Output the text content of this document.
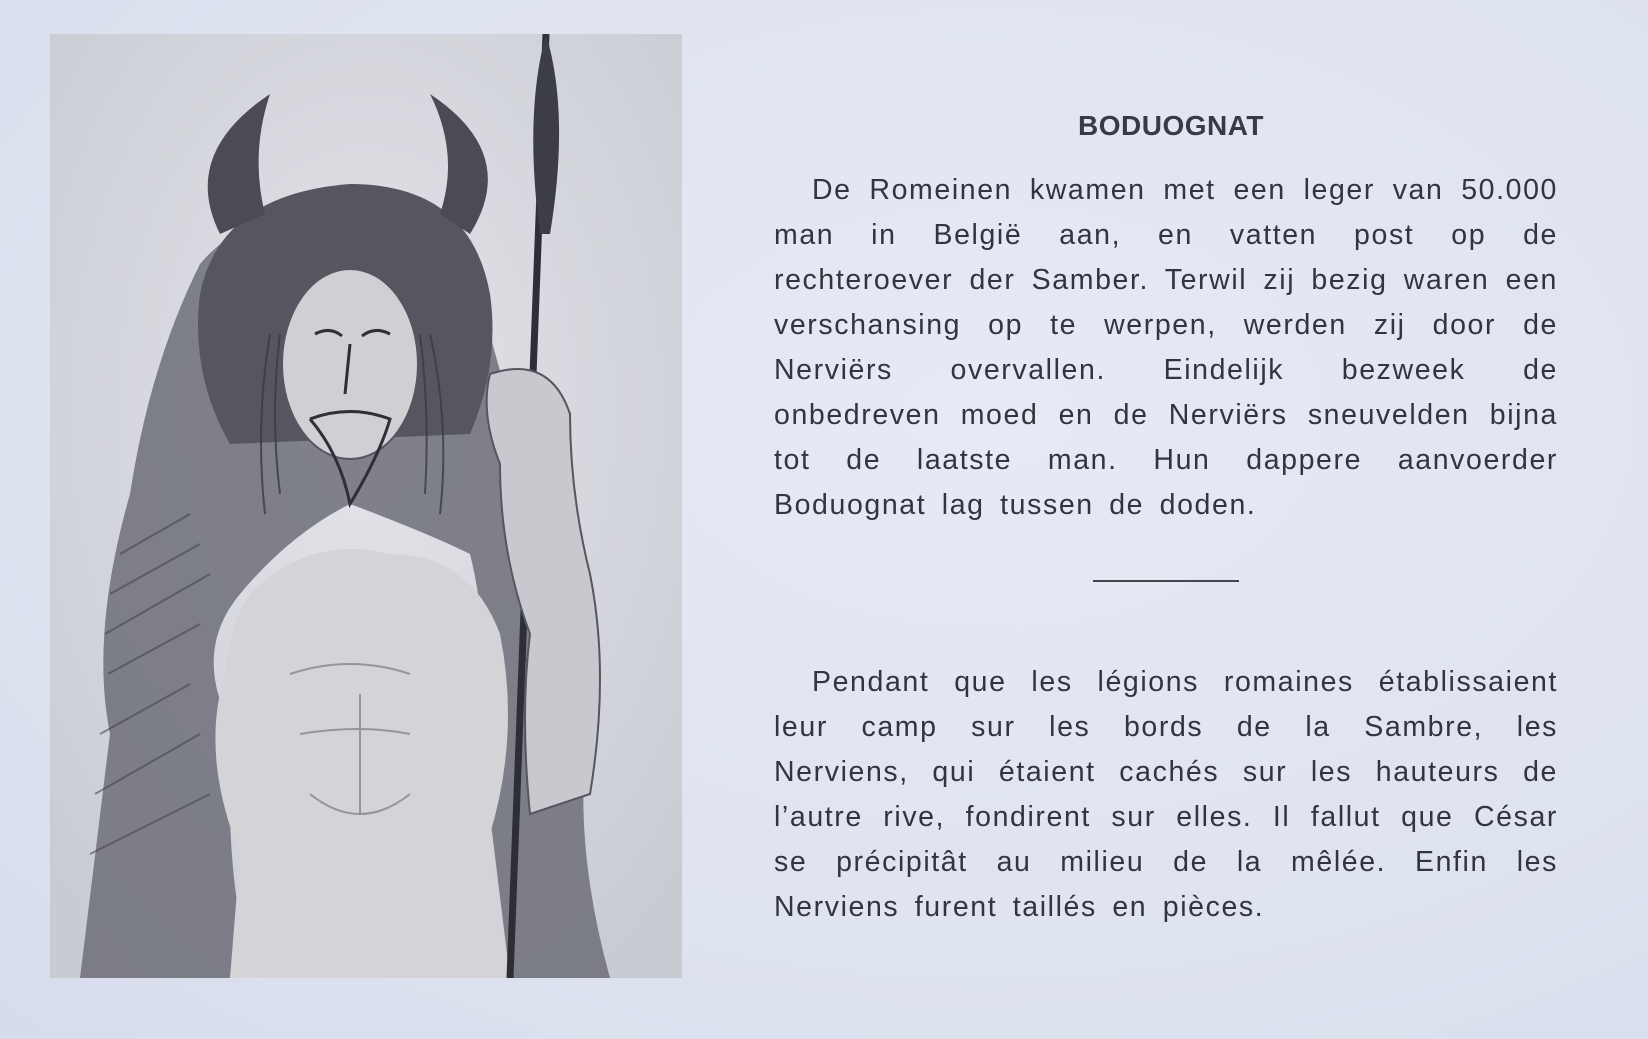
BODUOGNAT

De Romeinen kwamen met een leger van 50.000 man in België aan, en vatten post op de rechteroever der Samber. Terwil zij bezig waren een verschansing op te werpen, werden zij door de Nerviërs overvallen. Eindelijk bezweek de onbedreven moed en de Nerviërs sneuvelden bijna tot de laatste man. Hun dappere aanvoerder Boduognat lag tussen de doden.

Pendant que les légions romaines établissaient leur camp sur les bords de la Sambre, les Nerviens, qui étaient cachés sur les hauteurs de l’autre rive, fondirent sur elles. Il fallut que César se précipitât au milieu de la mêlée. Enfin les Nerviens furent taillés en pièces.
